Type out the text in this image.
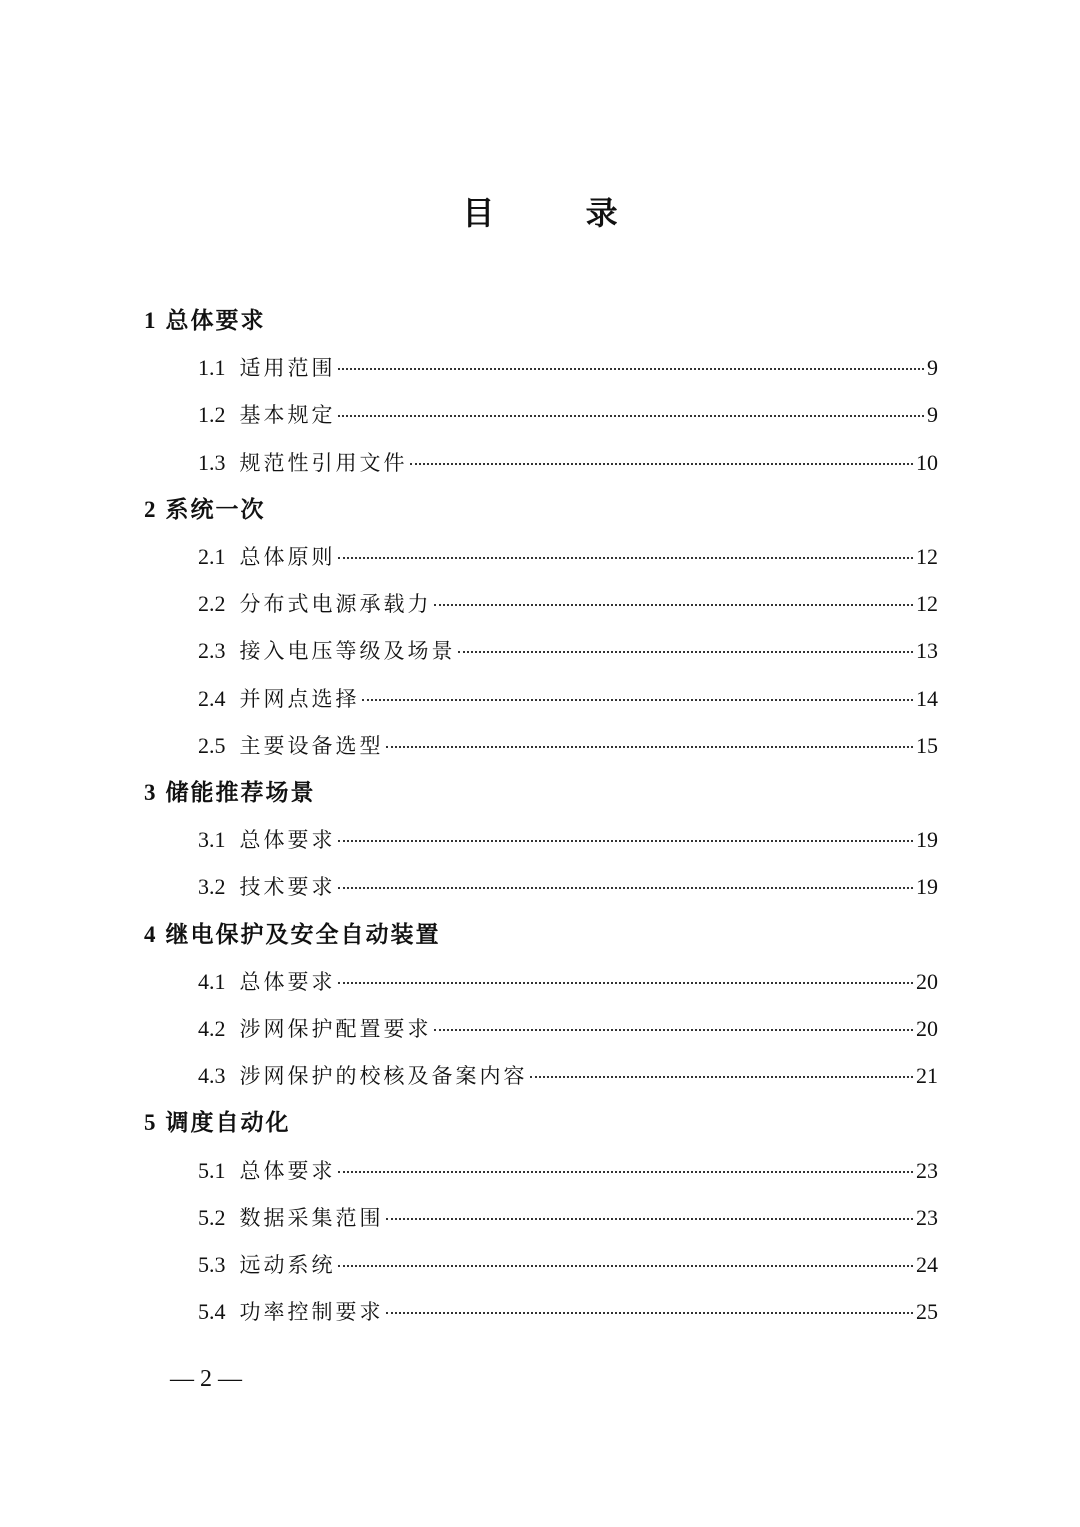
目 录
1 总体要求
1.1 适用范围	9
1.2 基本规定	9
1.3 规范性引用文件	10
2 系统一次
2.1 总体原则	12
2.2 分布式电源承载力	12
2.3 接入电压等级及场景	13
2.4 并网点选择	14
2.5 主要设备选型	15
3 储能推荐场景
3.1 总体要求	19
3.2 技术要求	19
4 继电保护及安全自动装置
4.1 总体要求	20
4.2 涉网保护配置要求	20
4.3 涉网保护的校核及备案内容	21
5 调度自动化
5.1 总体要求	23
5.2 数据采集范围	23
5.3 远动系统	24
5.4 功率控制要求	25
— 2 —
